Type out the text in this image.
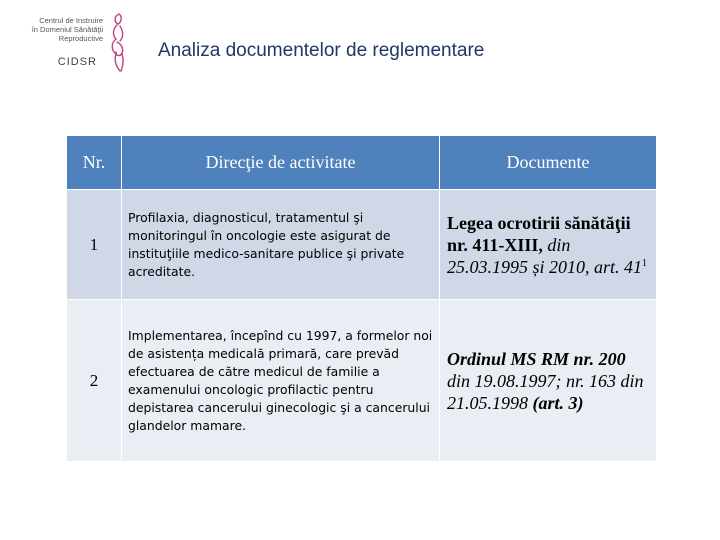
Centrul de Instruire
în Domeniul Sănătăţii
Reproductive
CIDSR
Analiza documentelor de reglementare
Nr.	Direcţie de activitate	Documente
1	Profilaxia, diagnosticul, tratamentul şi monitoringul în oncologie este asigurat de instituţiile medico-sanitare publice şi private acreditate.	Legea ocrotirii sănătăţii nr. 411-XIII, din 25.03.1995 și 2010, art. $41^1$
2	Implementarea, începînd cu 1997, a formelor noi de asistența medicală primară, care prevăd efectuarea de către medicul de familie a examenului oncologic profilactic pentru depistarea cancerului ginecologic şi a cancerului glandelor mamare.	Ordinul MS RM nr. 200 din 19.08.1997; nr. 163 din 21.05.1998 (art. 3)
